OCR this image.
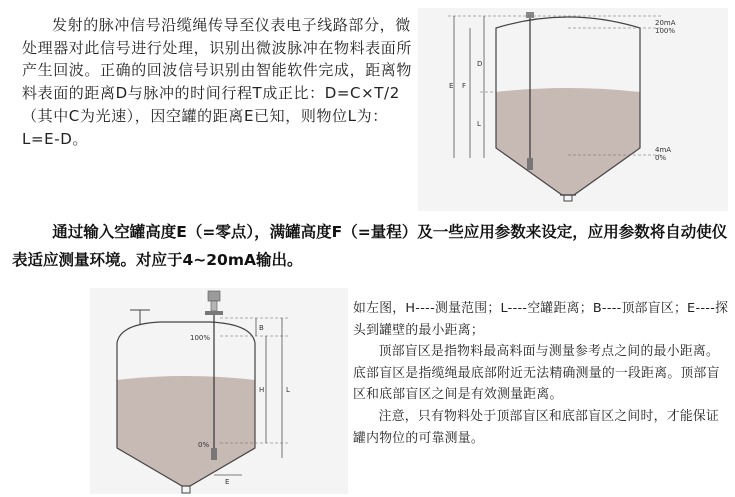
发射的脉冲信号沿缆绳传导至仪表电子线路部分，微处理器对此信号进行处理，识别出微波脉冲在物料表面所产生回波。正确的回波信号识别由智能软件完成，距离物料表面的距离D与脉冲的时间行程T成正比：D=C×T/2（其中C为光速），因空罐的距离E已知，则物位L为：L=E-D。

E F
D
L
20mA
100%
4mA
0%

通过输入空罐高度E（=零点），满罐高度F（=量程）及一些应用参数来设定，应用参数将自动使仪表适应测量环境。对应于4~20mA输出。

100%
0%
B
H	L
E

如左图，H----测量范围；L----空罐距离；B----顶部盲区；E----探头到罐壁的最小距离；

顶部盲区是指物料最高料面与测量参考点之间的最小距离。底部盲区是指缆绳最底部附近无法精确测量的一段距离。顶部盲区和底部盲区之间是有效测量距离。

注意，只有物料处于顶部盲区和底部盲区之间时，才能保证罐内物位的可靠测量。
